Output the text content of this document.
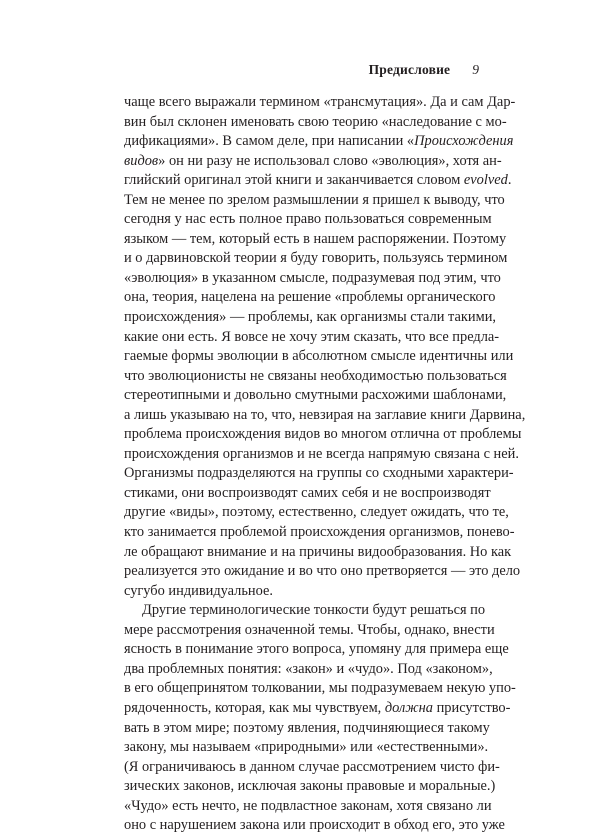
Предисловие 9
чаще всего выражали термином «трансмутация». Да и сам Дар-
вин был склонен именовать свою теорию «наследование с мо-
дификациями». В самом деле, при написании «Происхождения
видов» он ни разу не использовал слово «эволюция», хотя ан-
глийский оригинал этой книги и заканчивается словом evolved.
Тем не менее по зрелом размышлении я пришел к выводу, что
сегодня у нас есть полное право пользоваться современным
языком — тем, который есть в нашем распоряжении. Поэтому
и о дарвиновской теории я буду говорить, пользуясь термином
«эволюция» в указанном смысле, подразумевая под этим, что
она, теория, нацелена на решение «проблемы органического
происхождения» — проблемы, как организмы стали такими,
какие они есть. Я вовсе не хочу этим сказать, что все предла-
гаемые формы эволюции в абсолютном смысле идентичны или
что эволюционисты не связаны необходимостью пользоваться
стереотипными и довольно смутными расхожими шаблонами,
а лишь указываю на то, что, невзирая на заглавие книги Дарвина,
проблема происхождения видов во многом отлична от проблемы
происхождения организмов и не всегда напрямую связана с ней.
Организмы подразделяются на группы со сходными характери-
стиками, они воспроизводят самих себя и не воспроизводят
другие «виды», поэтому, естественно, следует ожидать, что те,
кто занимается проблемой происхождения организмов, понево-
ле обращают внимание и на причины видообразования. Но как
реализуется это ожидание и во что оно претворяется — это дело
сугубо индивидуальное.
Другие терминологические тонкости будут решаться по
мере рассмотрения означенной темы. Чтобы, однако, внести
ясность в понимание этого вопроса, упомяну для примера еще
два проблемных понятия: «закон» и «чудо». Под «законом»,
в его общепринятом толковании, мы подразумеваем некую упо-
рядоченность, которая, как мы чувствуем, должна присутство-
вать в этом мире; поэтому явления, подчиняющиеся такому
закону, мы называем «природными» или «естественными».
(Я ограничиваюсь в данном случае рассмотрением чисто фи-
зических законов, исключая законы правовые и моральные.)
«Чудо» есть нечто, не подвластное законам, хотя связано ли
оно с нарушением закона или происходит в обход его, это уже
